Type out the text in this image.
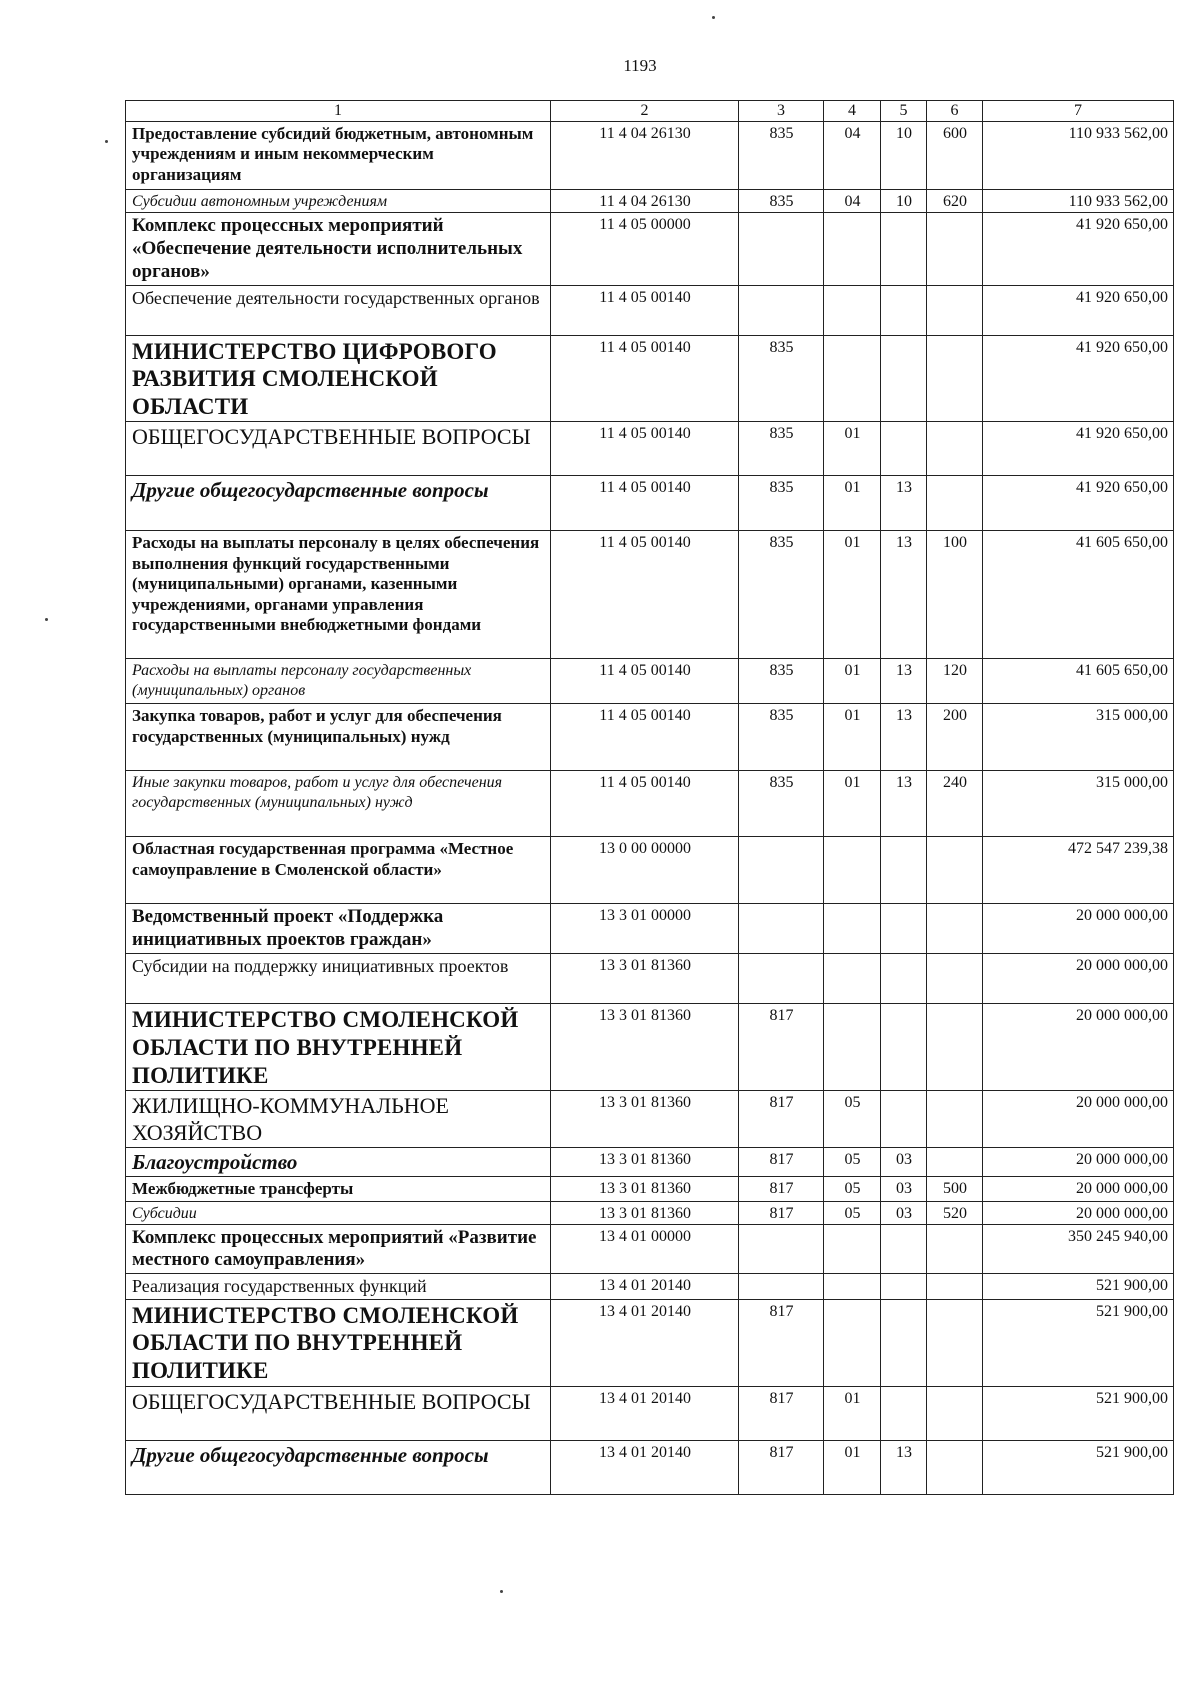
1193
1	2	3	4	5	6	7
Предоставление субсидий бюджетным, автономным учреждениям и иным некоммерческим организациям	11 4 04 26130	835	04	10	600	110 933 562,00
Субсидии автономным учреждениям	11 4 04 26130	835	04	10	620	110 933 562,00
Комплекс процессных мероприятий «Обеспечение деятельности исполнительных органов»	11 4 05 00000					41 920 650,00
Обеспечение деятельности государственных органов	11 4 05 00140					41 920 650,00
МИНИСТЕРСТВО ЦИФРОВОГО РАЗВИТИЯ СМОЛЕНСКОЙ ОБЛАСТИ	11 4 05 00140	835				41 920 650,00
ОБЩЕГОСУДАРСТВЕННЫЕ ВОПРОСЫ	11 4 05 00140	835	01			41 920 650,00
Другие общегосударственные вопросы	11 4 05 00140	835	01	13		41 920 650,00
Расходы на выплаты персоналу в целях обеспечения выполнения функций государственными (муниципальными) органами, казенными учреждениями, органами управления государственными внебюджетными фондами	11 4 05 00140	835	01	13	100	41 605 650,00
Расходы на выплаты персоналу государственных (муниципальных) органов	11 4 05 00140	835	01	13	120	41 605 650,00
Закупка товаров, работ и услуг для обеспечения государственных (муниципальных) нужд	11 4 05 00140	835	01	13	200	315 000,00
Иные закупки товаров, работ и услуг для обеспечения государственных (муниципальных) нужд	11 4 05 00140	835	01	13	240	315 000,00
Областная государственная программа «Местное самоуправление в Смоленской области»	13 0 00 00000					472 547 239,38
Ведомственный проект «Поддержка инициативных проектов граждан»	13 3 01 00000					20 000 000,00
Субсидии на поддержку инициативных проектов	13 3 01 81360					20 000 000,00
МИНИСТЕРСТВО СМОЛЕНСКОЙ ОБЛАСТИ ПО ВНУТРЕННЕЙ ПОЛИТИКЕ	13 3 01 81360	817				20 000 000,00
ЖИЛИЩНО-КОММУНАЛЬНОЕ ХОЗЯЙСТВО	13 3 01 81360	817	05			20 000 000,00
Благоустройство	13 3 01 81360	817	05	03		20 000 000,00
Межбюджетные трансферты	13 3 01 81360	817	05	03	500	20 000 000,00
Субсидии	13 3 01 81360	817	05	03	520	20 000 000,00
Комплекс процессных мероприятий «Развитие местного самоуправления»	13 4 01 00000					350 245 940,00
Реализация государственных функций	13 4 01 20140					521 900,00
МИНИСТЕРСТВО СМОЛЕНСКОЙ ОБЛАСТИ ПО ВНУТРЕННЕЙ ПОЛИТИКЕ	13 4 01 20140	817				521 900,00
ОБЩЕГОСУДАРСТВЕННЫЕ ВОПРОСЫ	13 4 01 20140	817	01			521 900,00
Другие общегосударственные вопросы	13 4 01 20140	817	01	13		521 900,00
